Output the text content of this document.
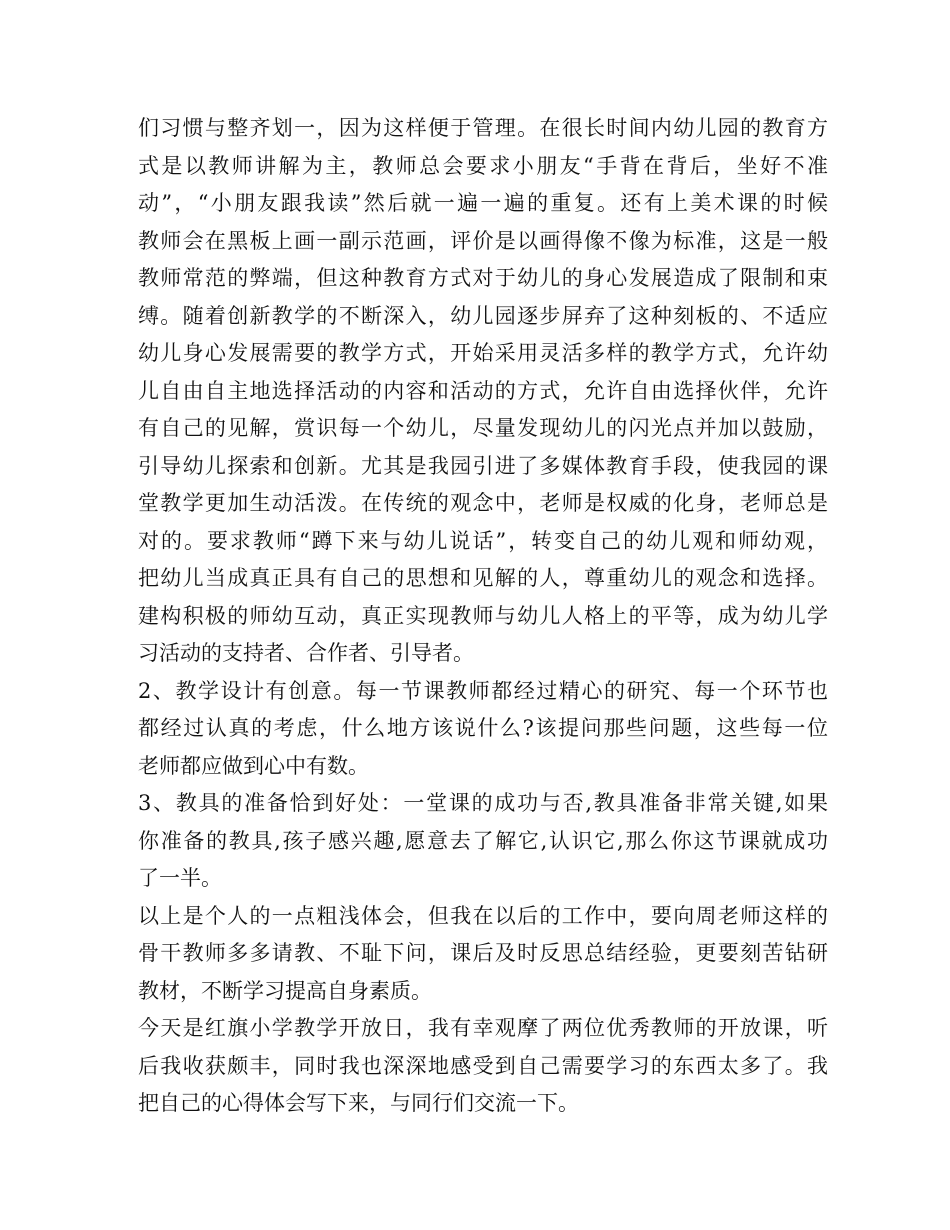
们习惯与整齐划一，因为这样便于管理。在很长时间内幼儿园的教育方
式是以教师讲解为主，教师总会要求小朋友“手背在背后，坐好不准
动”，“小朋友跟我读”然后就一遍一遍的重复。还有上美术课的时候
教师会在黑板上画一副示范画，评价是以画得像不像为标准，这是一般
教师常范的弊端，但这种教育方式对于幼儿的身心发展造成了限制和束
缚。随着创新教学的不断深入，幼儿园逐步屏弃了这种刻板的、不适应
幼儿身心发展需要的教学方式，开始采用灵活多样的教学方式，允许幼
儿自由自主地选择活动的内容和活动的方式，允许自由选择伙伴，允许
有自己的见解，赏识每一个幼儿，尽量发现幼儿的闪光点并加以鼓励，
引导幼儿探索和创新。尤其是我园引进了多媒体教育手段，使我园的课
堂教学更加生动活泼。在传统的观念中，老师是权威的化身，老师总是
对的。要求教师“蹲下来与幼儿说话”，转变自己的幼儿观和师幼观，
把幼儿当成真正具有自己的思想和见解的人，尊重幼儿的观念和选择。
建构积极的师幼互动，真正实现教师与幼儿人格上的平等，成为幼儿学
习活动的支持者、合作者、引导者。
2、教学设计有创意。每一节课教师都经过精心的研究、每一个环节也
都经过认真的考虑，什么地方该说什么?该提问那些问题，这些每一位
老师都应做到心中有数。
3、教具的准备恰到好处：一堂课的成功与否,教具准备非常关键,如果
你准备的教具,孩子感兴趣,愿意去了解它,认识它,那么你这节课就成功
了一半。
以上是个人的一点粗浅体会，但我在以后的工作中，要向周老师这样的
骨干教师多多请教、不耻下问，课后及时反思总结经验，更要刻苦钻研
教材，不断学习提高自身素质。
今天是红旗小学教学开放日，我有幸观摩了两位优秀教师的开放课，听
后我收获颇丰，同时我也深深地感受到自己需要学习的东西太多了。我
把自己的心得体会写下来，与同行们交流一下。
